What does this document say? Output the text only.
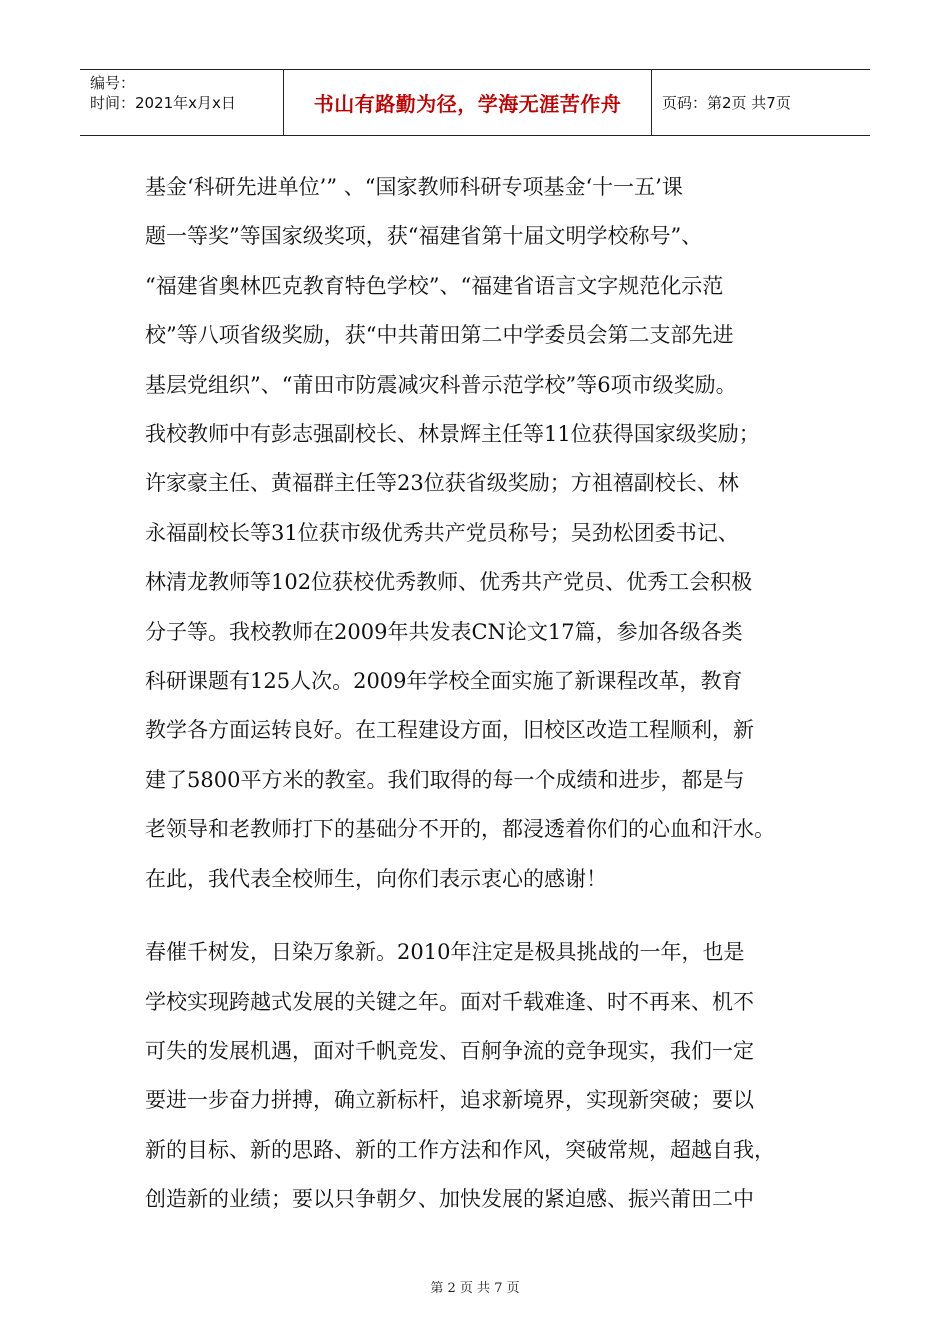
编号：
时间：2021年x月x日	书山有路勤为径，学海无涯苦作舟	页码：第2页 共7页

基金‘科研先进单位’” 、“国家教师科研专项基金‘十一五’课

题一等奖”等国家级奖项，获“福建省第十届文明学校称号”、

“福建省奥林匹克教育特色学校”、“福建省语言文字规范化示范

校”等八项省级奖励，获“中共莆田第二中学委员会第二支部先进

基层党组织”、“莆田市防震减灾科普示范学校”等6项市级奖励。

我校教师中有彭志强副校长、林景辉主任等11位获得国家级奖励；

许家豪主任、黄福群主任等23位获省级奖励；方祖禧副校长、林

永福副校长等31位获市级优秀共产党员称号；吴劲松团委书记、

林清龙教师等102位获校优秀教师、优秀共产党员、优秀工会积极

分子等。我校教师在2009年共发表CN论文17篇，参加各级各类

科研课题有125人次。2009年学校全面实施了新课程改革，教育

教学各方面运转良好。在工程建设方面，旧校区改造工程顺利，新

建了5800平方米的教室。我们取得的每一个成绩和进步，都是与

老领导和老教师打下的基础分不开的，都浸透着你们的心血和汗水。

在此，我代表全校师生，向你们表示衷心的感谢！

春催千树发，日染万象新。2010年注定是极具挑战的一年，也是

学校实现跨越式发展的关键之年。面对千载难逢、时不再来、机不

可失的发展机遇，面对千帆竞发、百舸争流的竞争现实，我们一定

要进一步奋力拼搏，确立新标杆，追求新境界，实现新突破；要以

新的目标、新的思路、新的工作方法和作风，突破常规，超越自我，

创造新的业绩；要以只争朝夕、加快发展的紧迫感、振兴莆田二中

第 2 页 共 7 页
